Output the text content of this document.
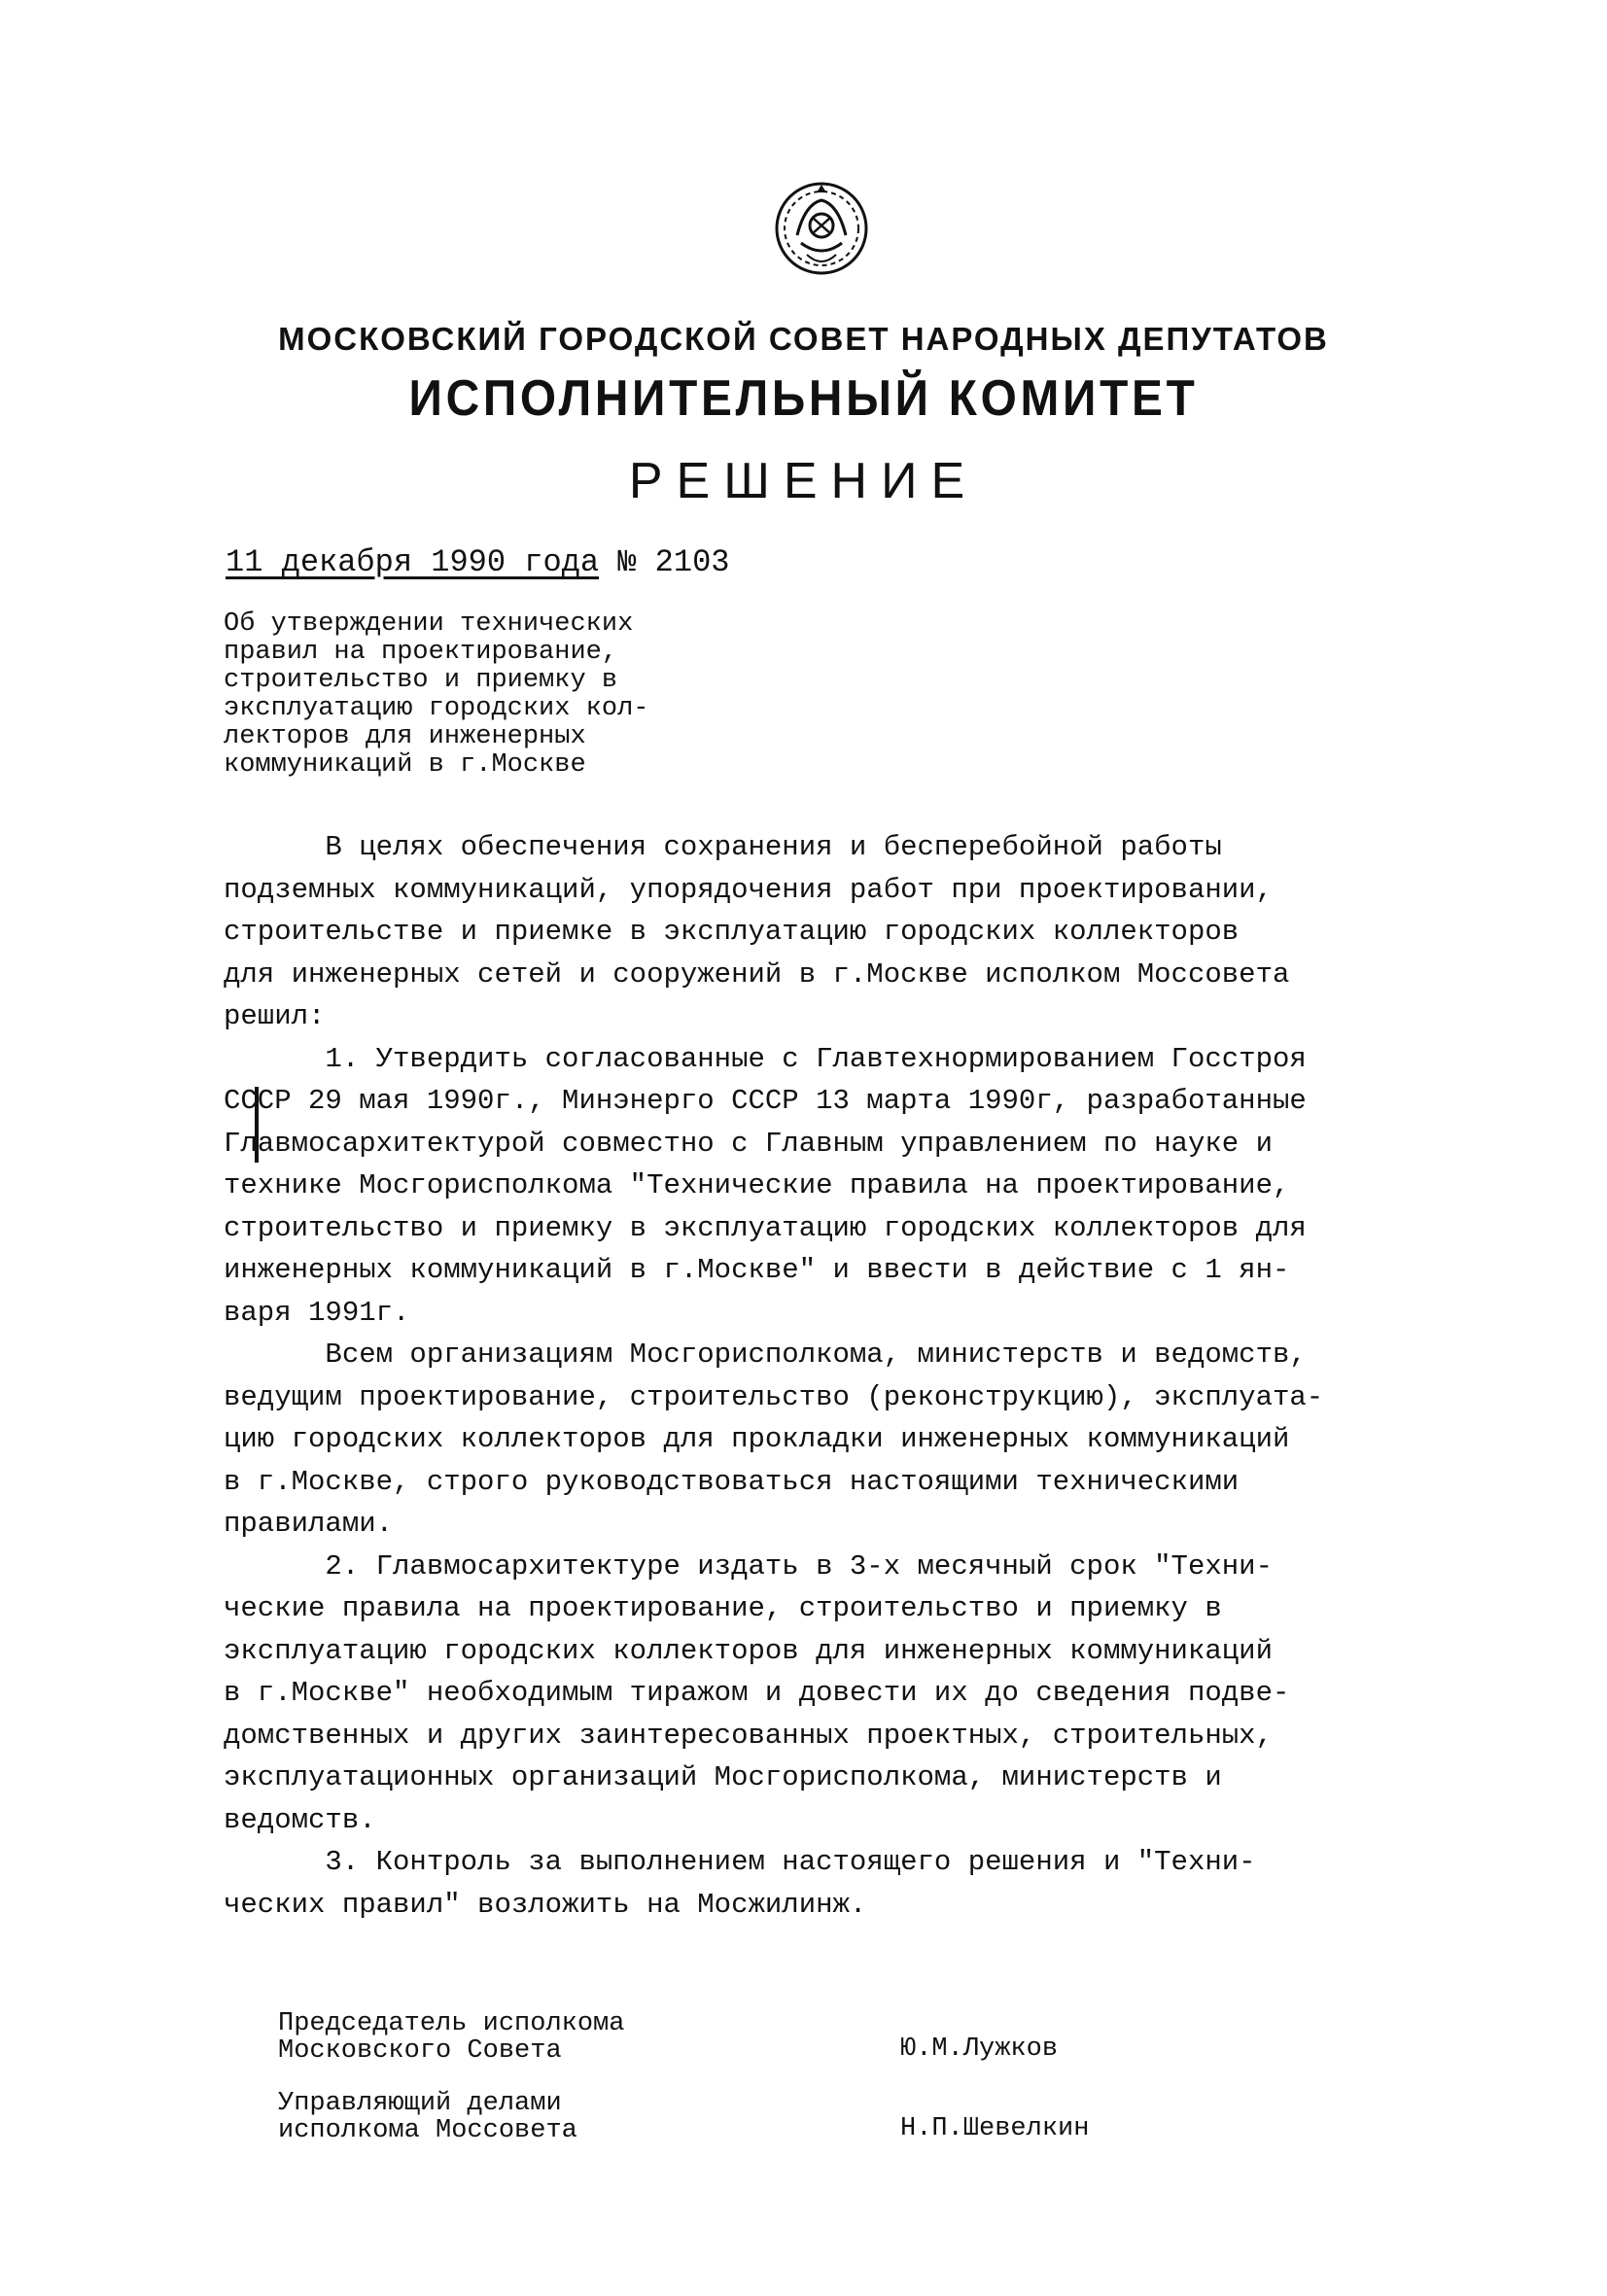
МОСКОВСКИЙ ГОРОДСКОЙ СОВЕТ НАРОДНЫХ ДЕПУТАТОВ
ИСПОЛНИТЕЛЬНЫЙ КОМИТЕТ
РЕШЕНИЕ
11 декабря 1990 года № 2103
Об утверждении технических
правил на проектирование,
строительство и приемку в
эксплуатацию городских кол-
лекторов для инженерных
коммуникаций в г.Москве
В целях обеспечения сохранения и бесперебойной работы
подземных коммуникаций, упорядочения работ при проектировании,
строительстве и приемке в эксплуатацию городских коллекторов
для инженерных сетей и сооружений в г.Москве исполком Моссовета
решил:
1. Утвердить согласованные с Главтехнормированием Госстроя
СССР 29 мая 1990г., Минэнерго СССР 13 марта 1990г, разработанные
Главмосархитектурой совместно с Главным управлением по науке и
технике Мосгорисполкома "Технические правила на проектирование,
строительство и приемку в эксплуатацию городских коллекторов для
инженерных коммуникаций в г.Москве" и ввести в действие с 1 ян-
варя 1991г.
Всем организациям Мосгорисполкома, министерств и ведомств,
ведущим проектирование, строительство (реконструкцию), эксплуата-
цию городских коллекторов для прокладки инженерных коммуникаций
в г.Москве, строго руководствоваться настоящими техническими
правилами.
2. Главмосархитектуре издать в 3-х месячный срок "Техни-
ческие правила на проектирование, строительство и приемку в
эксплуатацию городских коллекторов для инженерных коммуникаций
в г.Москве" необходимым тиражом и довести их до сведения подве-
домственных и других заинтересованных проектных, строительных,
эксплуатационных организаций Мосгорисполкома, министерств и
ведомств.
3. Контроль за выполнением настоящего решения и "Техни-
ческих правил" возложить на Мосжилинж.
Председатель исполкома
Московского Совета	Ю.М.Лужков
Управляющий делами
исполкома Моссовета	Н.П.Шевелкин
